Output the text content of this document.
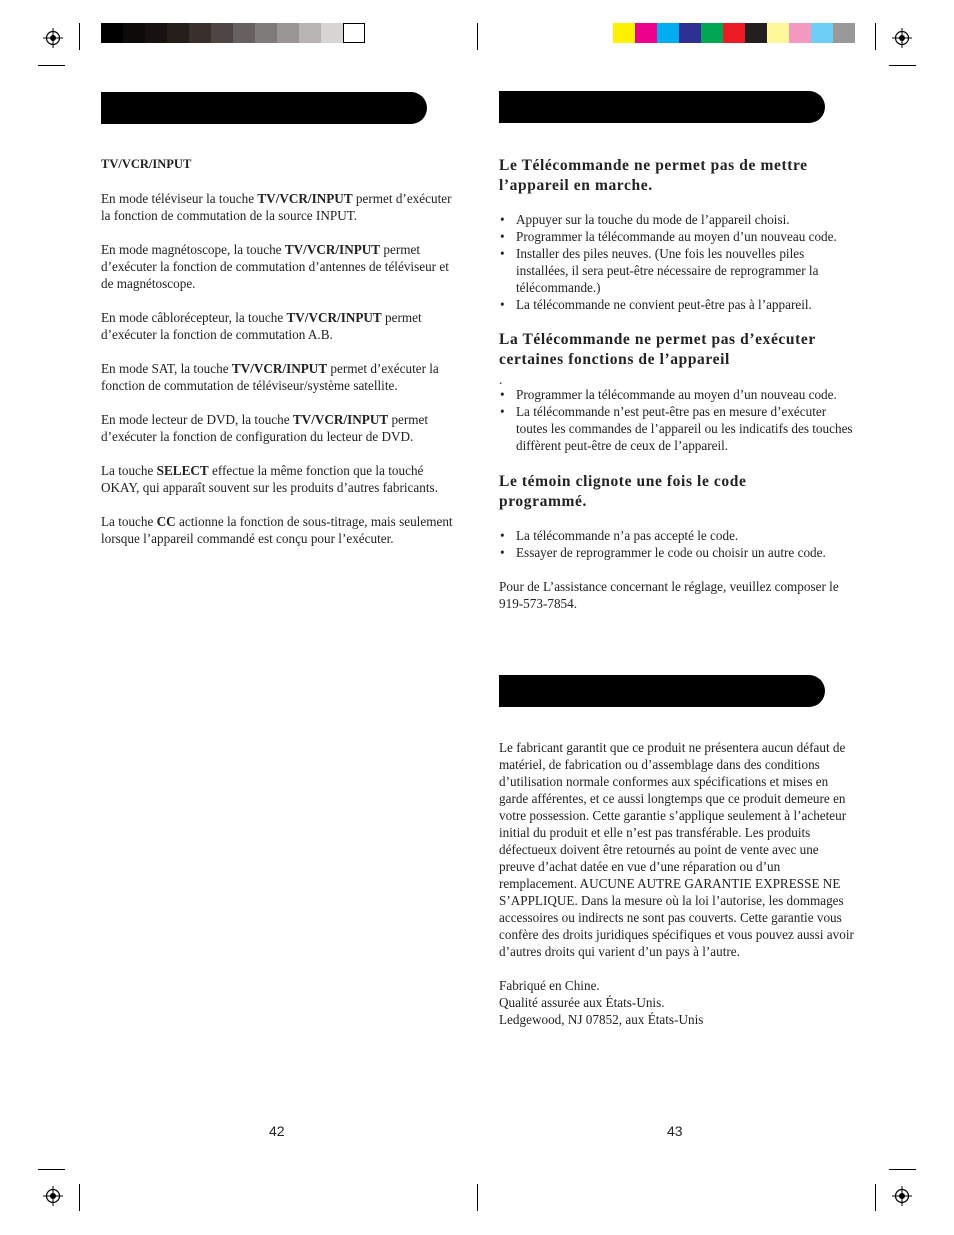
TV/VCR/INPUT

En mode téléviseur la touche TV/VCR/INPUT permet d’exécuter la fonction de commutation de la source INPUT.

En mode magnétoscope, la touche TV/VCR/INPUT permet d’exécuter la fonction de commutation d’antennes de téléviseur et de magnétoscope.

En mode câblorécepteur, la touche TV/VCR/INPUT permet d’exécuter la fonction de commutation A.B.

En mode SAT, la touche TV/VCR/INPUT permet d’exécuter la fonction de commutation de téléviseur/système satellite.

En mode lecteur de DVD, la touche TV/VCR/INPUT permet d’exécuter la fonction de configuration du lecteur de DVD.

La touche SELECT effectue la même fonction que la touché OKAY, qui apparaît souvent sur les produits d’autres fabricants.

La touche CC actionne la fonction de sous-titrage, mais seulement lorsque l’appareil commandé est conçu pour l’exécuter.

42

Le Télécommande ne permet pas de mettre l’appareil en marche.

• Appuyer sur la touche du mode de l’appareil choisi.
• Programmer la télécommande au moyen d’un nouveau code.
• Installer des piles neuves. (Une fois les nouvelles piles installées, il sera peut-être nécessaire de reprogrammer la télécommande.)
• La télécommande ne convient peut-être pas à l’appareil.

La Télécommande ne permet pas d’exécuter certaines fonctions de l’appareil

.

• Programmer la télécommande au moyen d’un nouveau code.
• La télécommande n’est peut-être pas en mesure d’exécuter toutes les commandes de l’appareil ou les indicatifs des touches diffèrent peut-être de ceux de l’appareil.

Le témoin clignote une fois le code programmé.

• La télécommande n’a pas accepté le code.
• Essayer de reprogrammer le code ou choisir un autre code.

Pour de L’assistance concernant le réglage, veuillez composer le 919-573-7854.

Le fabricant garantit que ce produit ne présentera aucun défaut de matériel, de fabrication ou d’assemblage dans des conditions d’utilisation normale conformes aux spécifications et mises en garde afférentes, et ce aussi longtemps que ce produit demeure en votre possession. Cette garantie s’applique seulement à l’acheteur initial du produit et elle n’est pas transférable. Les produits défectueux doivent être retournés au point de vente avec une preuve d’achat datée en vue d’une réparation ou d’un remplacement. AUCUNE AUTRE GARANTIE EXPRESSE NE S’APPLIQUE. Dans la mesure où la loi l’autorise, les dommages accessoires ou indirects ne sont pas couverts. Cette garantie vous confère des droits juridiques spécifiques et vous pouvez aussi avoir d’autres droits qui varient d’un pays à l’autre.

Fabriqué en Chine.

Qualité assurée aux États-Unis.

Ledgewood, NJ 07852, aux États-Unis

43
